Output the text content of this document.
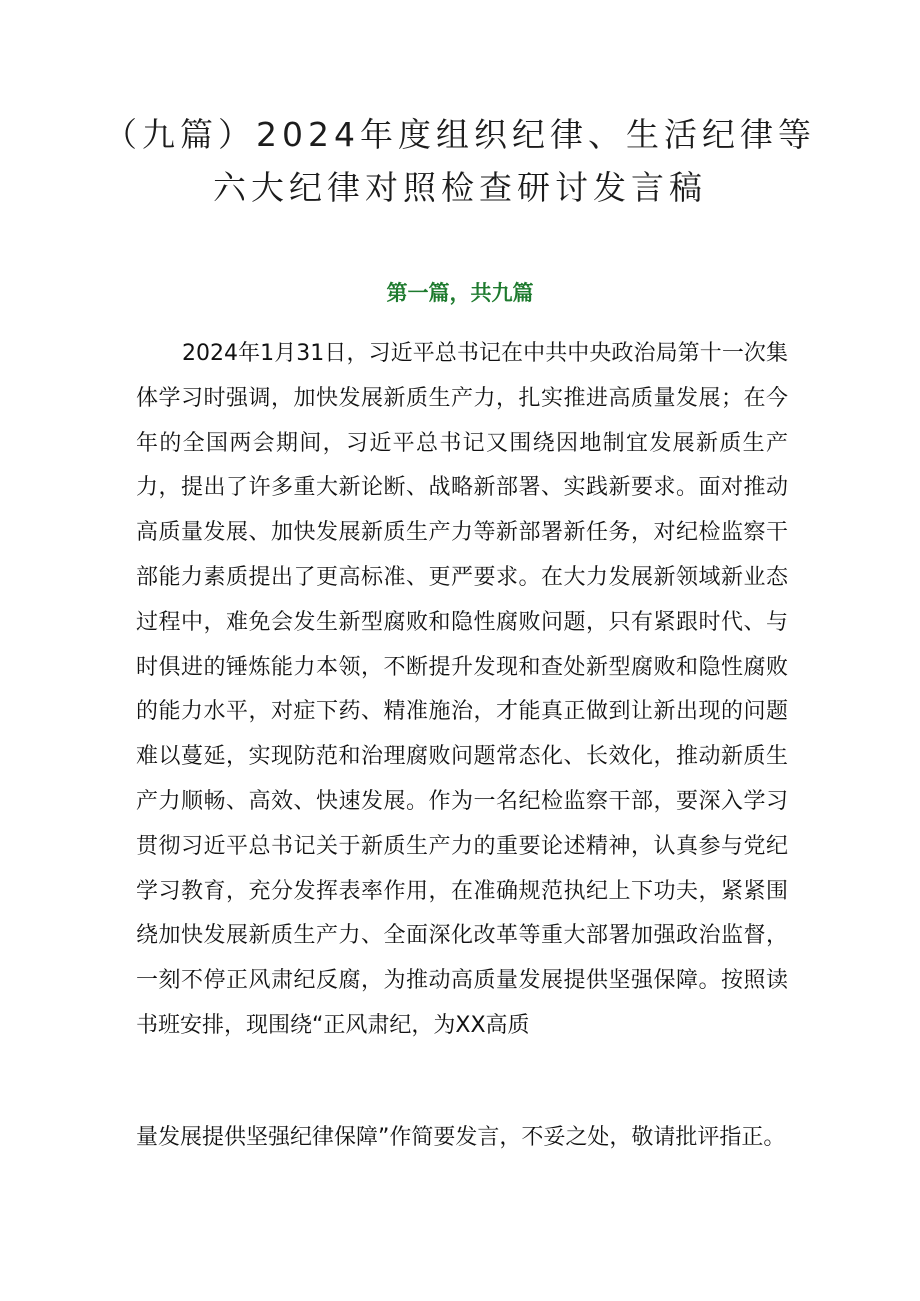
（九篇）2024年度组织纪律、生活纪律等
六大纪律对照检查研讨发言稿
第一篇，共九篇

2024年1月31日，习近平总书记在中共中央政治局第十一次集体学习时强调，加快发展新质生产力，扎实推进高质量发展；在今年的全国两会期间，习近平总书记又围绕因地制宜发展新质生产力，提出了许多重大新论断、战略新部署、实践新要求。面对推动高质量发展、加快发展新质生产力等新部署新任务，对纪检监察干部能力素质提出了更高标准、更严要求。在大力发展新领域新业态过程中，难免会发生新型腐败和隐性腐败问题，只有紧跟时代、与时俱进的锤炼能力本领，不断提升发现和查处新型腐败和隐性腐败的能力水平，对症下药、精准施治，才能真正做到让新出现的问题难以蔓延，实现防范和治理腐败问题常态化、长效化，推动新质生产力顺畅、高效、快速发展。作为一名纪检监察干部，要深入学习贯彻习近平总书记关于新质生产力的重要论述精神，认真参与党纪学习教育，充分发挥表率作用，在准确规范执纪上下功夫，紧紧围绕加快发展新质生产力、全面深化改革等重大部署加强政治监督，一刻不停正风肃纪反腐，为推动高质量发展提供坚强保障。按照读书班安排，现围绕“正风肃纪，为XX高质

量发展提供坚强纪律保障”作简要发言，不妥之处，敬请批评指正。
